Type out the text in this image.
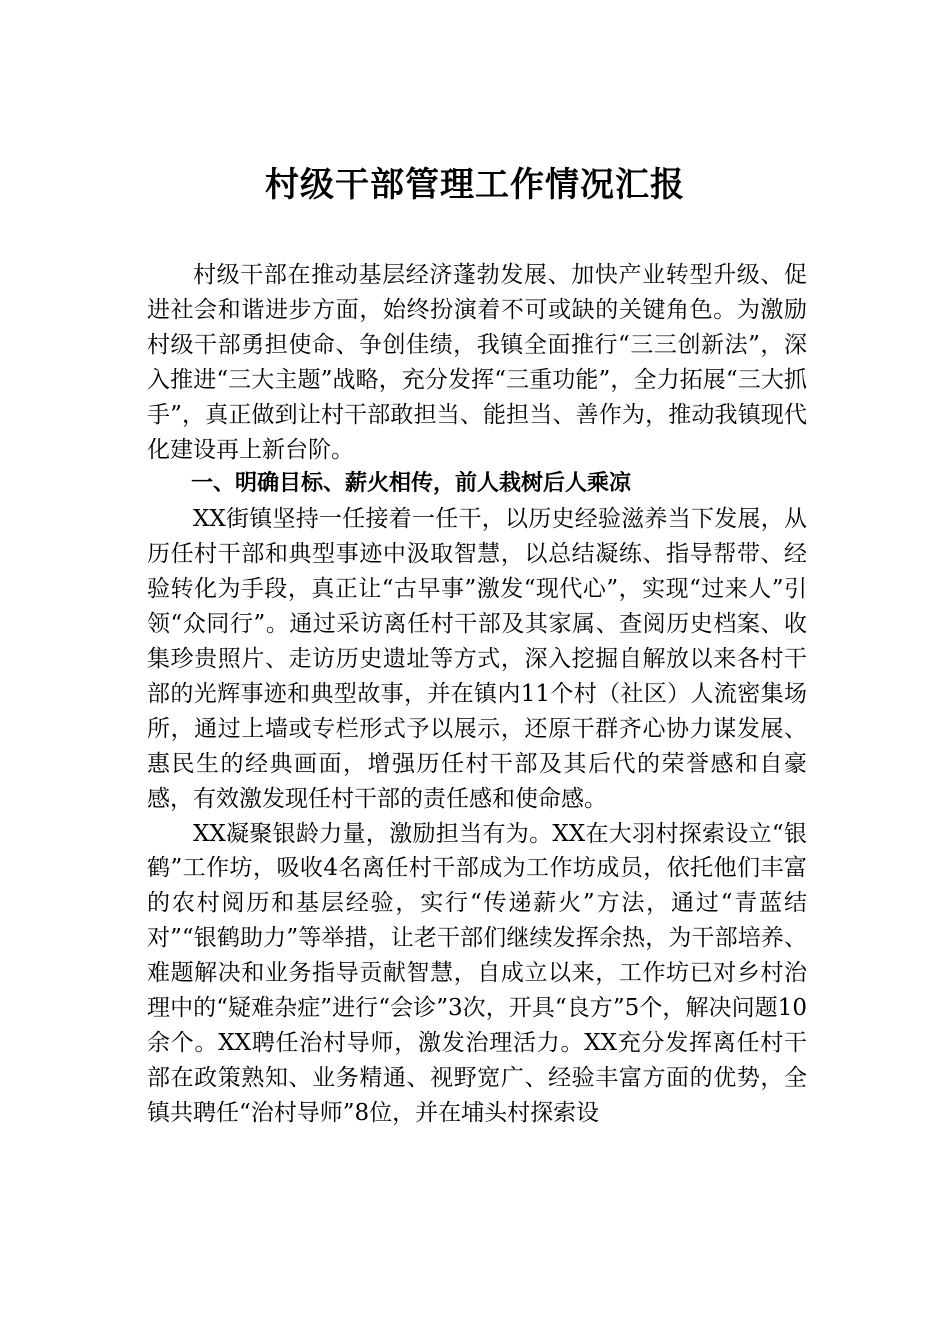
村级干部管理工作情况汇报

村级干部在推动基层经济蓬勃发展、加快产业转型升级、促进社会和谐进步方面，始终扮演着不可或缺的关键角色。为激励村级干部勇担使命、争创佳绩，我镇全面推行“三三创新法”，深入推进“三大主题”战略，充分发挥“三重功能”，全力拓展“三大抓手”，真正做到让村干部敢担当、能担当、善作为，推动我镇现代化建设再上新台阶。

一、明确目标、薪火相传，前人栽树后人乘凉

XX街镇坚持一任接着一任干，以历史经验滋养当下发展，从历任村干部和典型事迹中汲取智慧，以总结凝练、指导帮带、经验转化为手段，真正让“古早事”激发“现代心”，实现“过来人”引领“众同行”。通过采访离任村干部及其家属、查阅历史档案、收集珍贵照片、走访历史遗址等方式，深入挖掘自解放以来各村干部的光辉事迹和典型故事，并在镇内11个村（社区）人流密集场所，通过上墙或专栏形式予以展示，还原干群齐心协力谋发展、惠民生的经典画面，增强历任村干部及其后代的荣誉感和自豪感，有效激发现任村干部的责任感和使命感。

XX凝聚银龄力量，激励担当有为。XX在大羽村探索设立“银鹤”工作坊，吸收4名离任村干部成为工作坊成员，依托他们丰富的农村阅历和基层经验，实行“传递薪火”方法，通过“青蓝结对”“银鹤助力”等举措，让老干部们继续发挥余热，为干部培养、难题解决和业务指导贡献智慧，自成立以来，工作坊已对乡村治理中的“疑难杂症”进行“会诊”3次，开具“良方”5个，解决问题10余个。XX聘任治村导师，激发治理活力。XX充分发挥离任村干部在政策熟知、业务精通、视野宽广、经验丰富方面的优势，全镇共聘任“治村导师”8位，并在埔头村探索设
